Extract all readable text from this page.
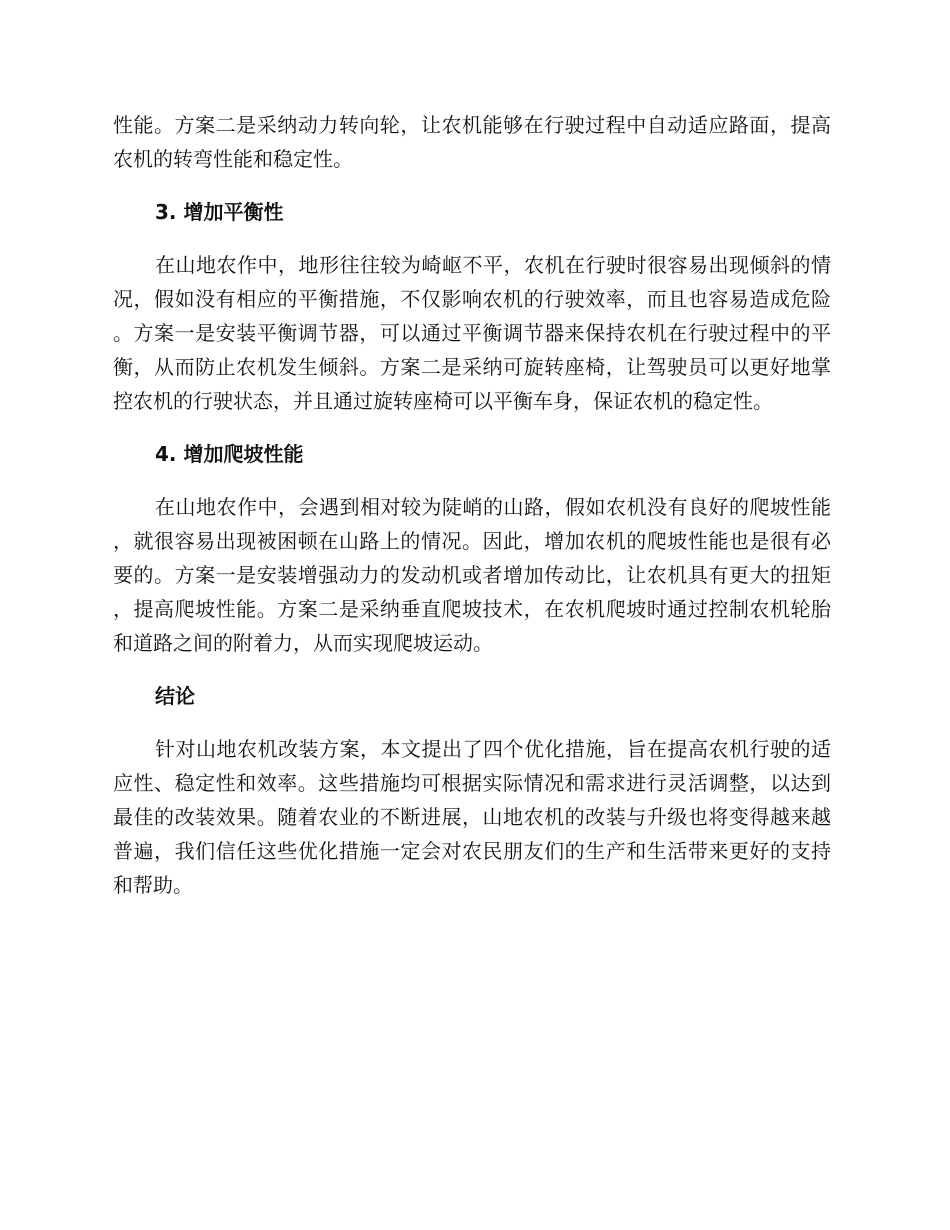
性能。方案二是采纳动力转向轮，让农机能够在行驶过程中自动适应路面，提高农机的转弯性能和稳定性。

3. 增加平衡性

在山地农作中，地形往往较为崎岖不平，农机在行驶时很容易出现倾斜的情况，假如没有相应的平衡措施，不仅影响农机的行驶效率，而且也容易造成危险。方案一是安装平衡调节器，可以通过平衡调节器来保持农机在行驶过程中的平衡，从而防止农机发生倾斜。方案二是采纳可旋转座椅，让驾驶员可以更好地掌控农机的行驶状态，并且通过旋转座椅可以平衡车身，保证农机的稳定性。

4. 增加爬坡性能

在山地农作中，会遇到相对较为陡峭的山路，假如农机没有良好的爬坡性能，就很容易出现被困顿在山路上的情况。因此，增加农机的爬坡性能也是很有必要的。方案一是安装增强动力的发动机或者增加传动比，让农机具有更大的扭矩，提高爬坡性能。方案二是采纳垂直爬坡技术，在农机爬坡时通过控制农机轮胎和道路之间的附着力，从而实现爬坡运动。

结论

针对山地农机改装方案，本文提出了四个优化措施，旨在提高农机行驶的适应性、稳定性和效率。这些措施均可根据实际情况和需求进行灵活调整，以达到最佳的改装效果。随着农业的不断进展，山地农机的改装与升级也将变得越来越普遍，我们信任这些优化措施一定会对农民朋友们的生产和生活带来更好的支持和帮助。
